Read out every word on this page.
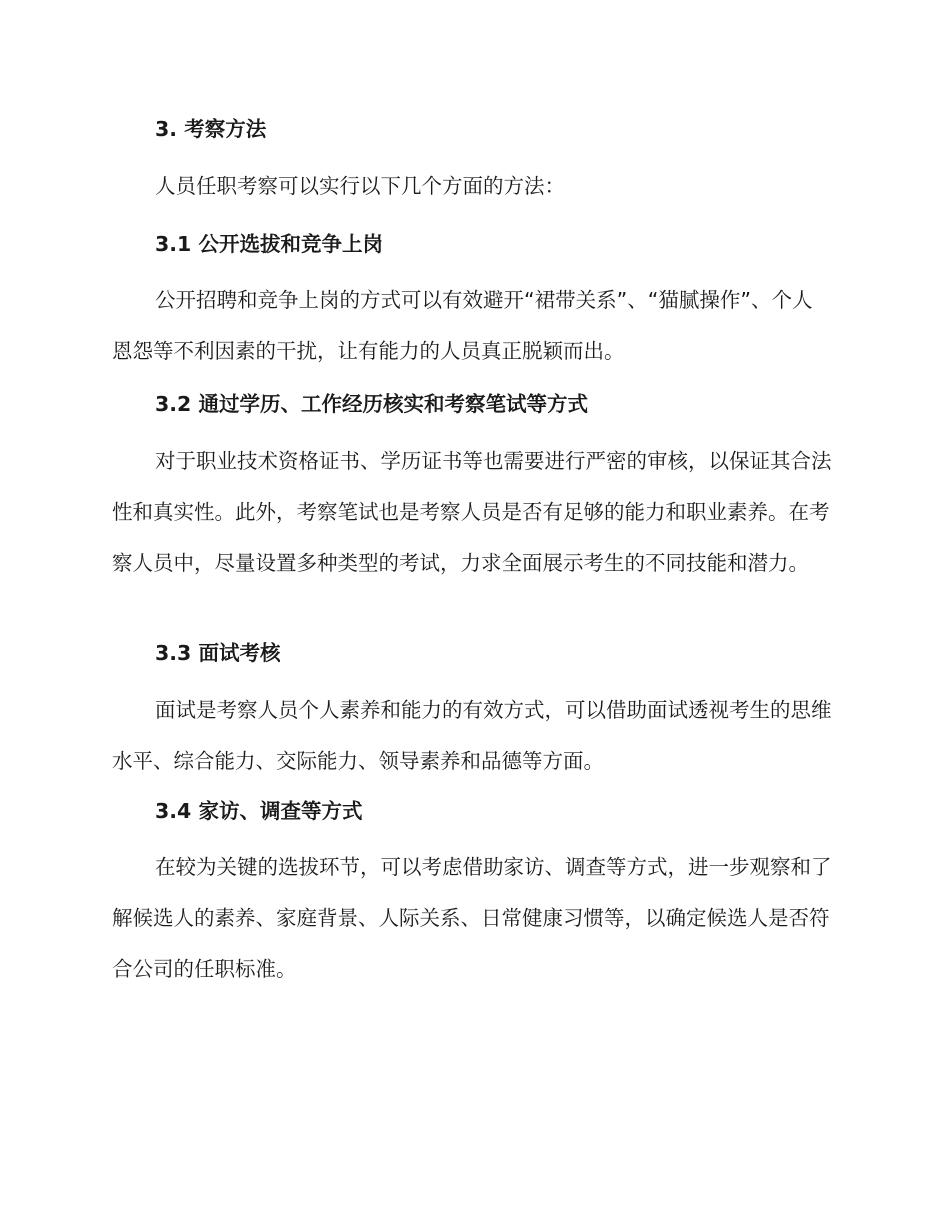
3. 考察方法
人员任职考察可以实行以下几个方面的方法：
3.1 公开选拔和竞争上岗
公开招聘和竞争上岗的方式可以有效避开“裙带关系”、“猫腻操作”、个人恩怨等不利因素的干扰，让有能力的人员真正脱颖而出。
3.2 通过学历、工作经历核实和考察笔试等方式
对于职业技术资格证书、学历证书等也需要进行严密的审核，以保证其合法性和真实性。此外，考察笔试也是考察人员是否有足够的能力和职业素养。在考察人员中，尽量设置多种类型的考试，力求全面展示考生的不同技能和潜力。
3.3 面试考核
面试是考察人员个人素养和能力的有效方式，可以借助面试透视考生的思维水平、综合能力、交际能力、领导素养和品德等方面。
3.4 家访、调查等方式
在较为关键的选拔环节，可以考虑借助家访、调查等方式，进一步观察和了解候选人的素养、家庭背景、人际关系、日常健康习惯等，以确定候选人是否符合公司的任职标准。
